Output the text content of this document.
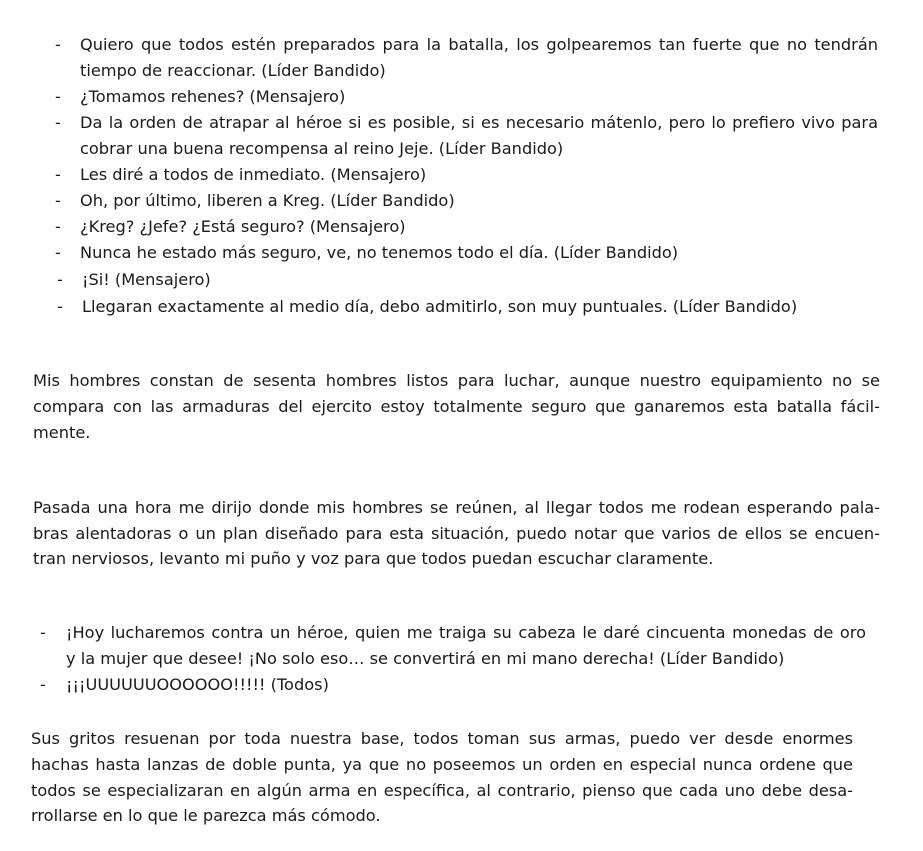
- Quiero que todos estén preparados para la batalla, los golpearemos tan fuerte que no tendrán
tiempo de reaccionar. (Líder Bandido)
- ¿Tomamos rehenes? (Mensajero)
- Da la orden de atrapar al héroe si es posible, si es necesario mátenlo, pero lo prefiero vivo para
cobrar una buena recompensa al reino Jeje. (Líder Bandido)
- Les diré a todos de inmediato. (Mensajero)
- Oh, por último, liberen a Kreg. (Líder Bandido)
- ¿Kreg? ¿Jefe? ¿Está seguro? (Mensajero)
- Nunca he estado más seguro, ve, no tenemos todo el día. (Líder Bandido)
- ¡Si! (Mensajero)
- Llegaran exactamente al medio día, debo admitirlo, son muy puntuales. (Líder Bandido)
Mis hombres constan de sesenta hombres listos para luchar, aunque nuestro equipamiento no se
compara con las armaduras del ejercito estoy totalmente seguro que ganaremos esta batalla fácil-
mente.
Pasada una hora me dirijo donde mis hombres se reúnen, al llegar todos me rodean esperando pala-
bras alentadoras o un plan diseñado para esta situación, puedo notar que varios de ellos se encuen-
tran nerviosos, levanto mi puño y voz para que todos puedan escuchar claramente.
- ¡Hoy lucharemos contra un héroe, quien me traiga su cabeza le daré cincuenta monedas de oro
y la mujer que desee! ¡No solo eso… se convertirá en mi mano derecha! (Líder Bandido)
- ¡¡¡UUUUUUOOOOOO!!!!! (Todos)
Sus gritos resuenan por toda nuestra base, todos toman sus armas, puedo ver desde enormes
hachas hasta lanzas de doble punta, ya que no poseemos un orden en especial nunca ordene que
todos se especializaran en algún arma en específica, al contrario, pienso que cada uno debe desa-
rrollarse en lo que le parezca más cómodo.
